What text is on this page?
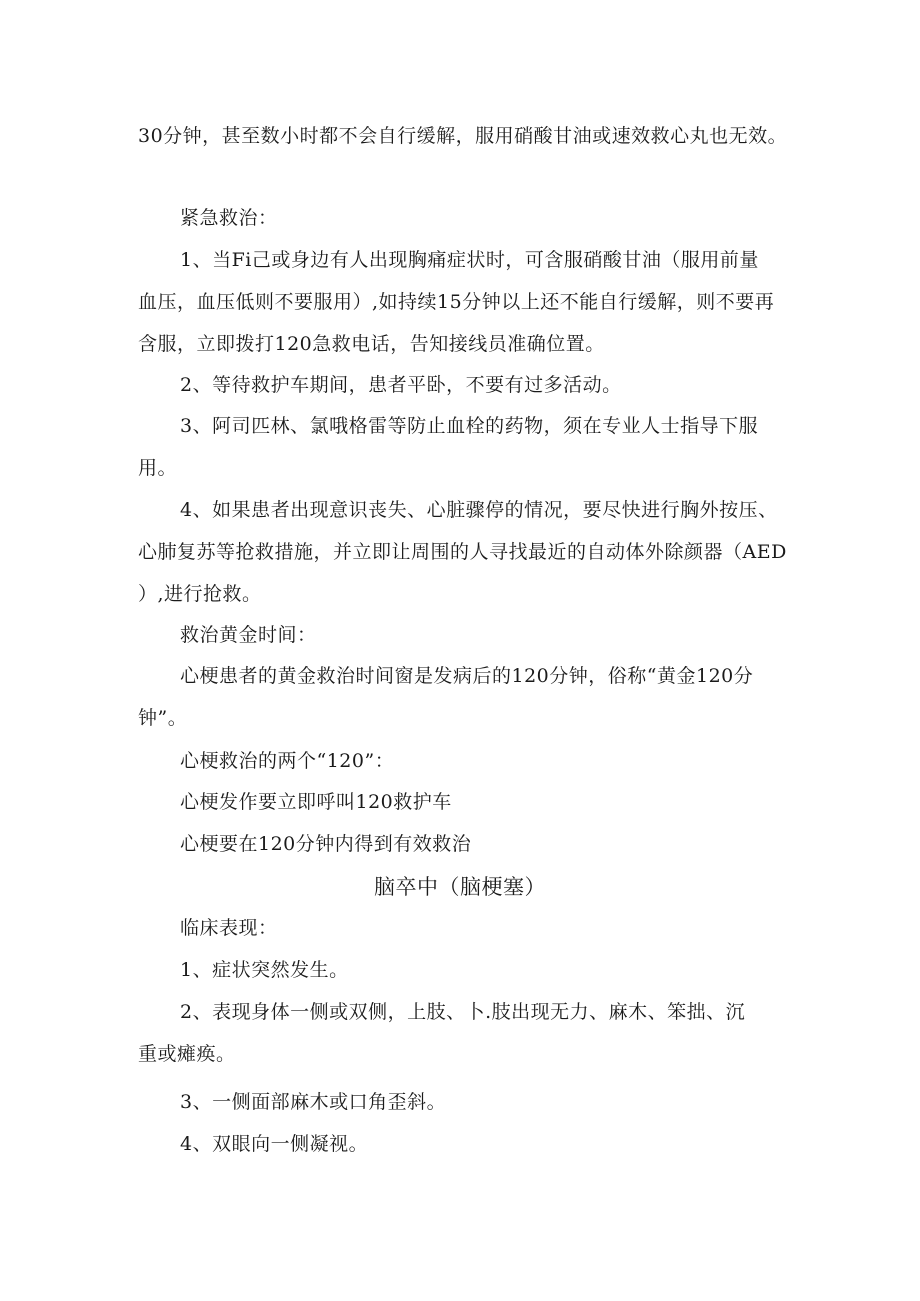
30分钟，甚至数小时都不会自行缓解，服用硝酸甘油或速效救心丸也无效。
紧急救治：
1、当Fi己或身边有人出现胸痛症状时，可含服硝酸甘油（服用前量
血压，血压低则不要服用）,如持续15分钟以上还不能自行缓解，则不要再
含服，立即拨打120急救电话，告知接线员准确位置。
2、等待救护车期间，患者平卧，不要有过多活动。
3、阿司匹林、氯哦格雷等防止血栓的药物，须在专业人士指导下服
用。
4、如果患者出现意识丧失、心脏骤停的情况，要尽快进行胸外按压、
心肺复苏等抢救措施，并立即让周围的人寻找最近的自动体外除颜器（AED
）,进行抢救。
救治黄金时间：
心梗患者的黄金救治时间窗是发病后的120分钟，俗称“黄金120分
钟”。
心梗救治的两个“120”：
心梗发作要立即呼叫120救护车
心梗要在120分钟内得到有效救治
脑卒中（脑梗塞）
临床表现：
1、症状突然发生。
2、表现身体一侧或双侧，上肢、卜.肢出现无力、麻木、笨拙、沉
重或瘫痪。
3、一侧面部麻木或口角歪斜。
4、双眼向一侧凝视。
